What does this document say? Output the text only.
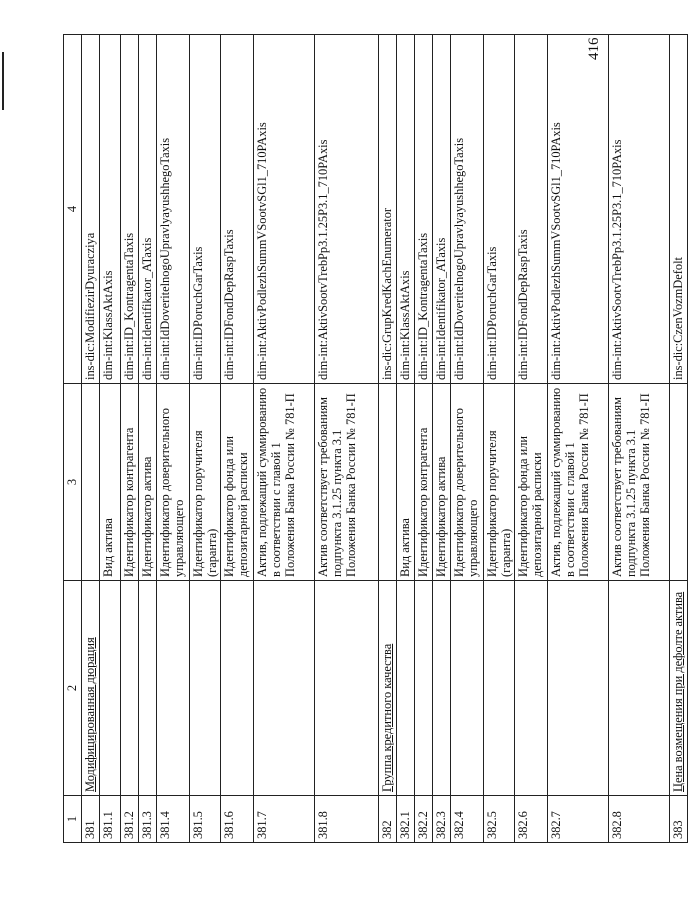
416
1	2	3	4
381	Модифицированная дюрация		ins-dic:ModifiezirDyuracziya
381.1		Вид актива	dim-int:KlassAktAxis
381.2		Идентификатор контрагента	dim-int:ID_KontragentaTaxis
381.3		Идентификатор актива	dim-int:Identifikator_ATaxis
381.4		Идентификатор доверительного управляющего	dim-int:IdDoveritelnogoUpravlyayushhegoTaxis
381.5		Идентификатор поручителя (гаранта)	dim-int:IDPoruchGarTaxis
381.6		Идентификатор фонда или депозитарной расписки	dim-int:IDFondDepRaspTaxis
381.7		Актив, подлежащий суммированию в соответствии с главой 1 Положения Банка России № 781-П	dim-int:AktivPodlezhSummVSootvSGl1_710PAxis
381.8		Актив соответствует требованиям подпункта 3.1.25 пункта 3.1 Положения Банка России № 781-П	dim-int:AktivSootvTrebPp3.1.25P3.1_710PAxis
382	Группа кредитного качества		ins-dic:GrupKredKachEnumerator
382.1		Вид актива	dim-int:KlassAktAxis
382.2		Идентификатор контрагента	dim-int:ID_KontragentaTaxis
382.3		Идентификатор актива	dim-int:Identifikator_ATaxis
382.4		Идентификатор доверительного управляющего	dim-int:IdDoveritelnogoUpravlyayushhegoTaxis
382.5		Идентификатор поручителя (гаранта)	dim-int:IDPoruchGarTaxis
382.6		Идентификатор фонда или депозитарной расписки	dim-int:IDFondDepRaspTaxis
382.7		Актив, подлежащий суммированию в соответствии с главой 1 Положения Банка России № 781-П	dim-int:AktivPodlezhSummVSootvSGl1_710PAxis
382.8		Актив соответствует требованиям подпункта 3.1.25 пункта 3.1 Положения Банка России № 781-П	dim-int:AktivSootvTrebPp3.1.25P3.1_710PAxis
383	Цена возмещения при дефолте актива		ins-dic:CzenVozmDefolt
